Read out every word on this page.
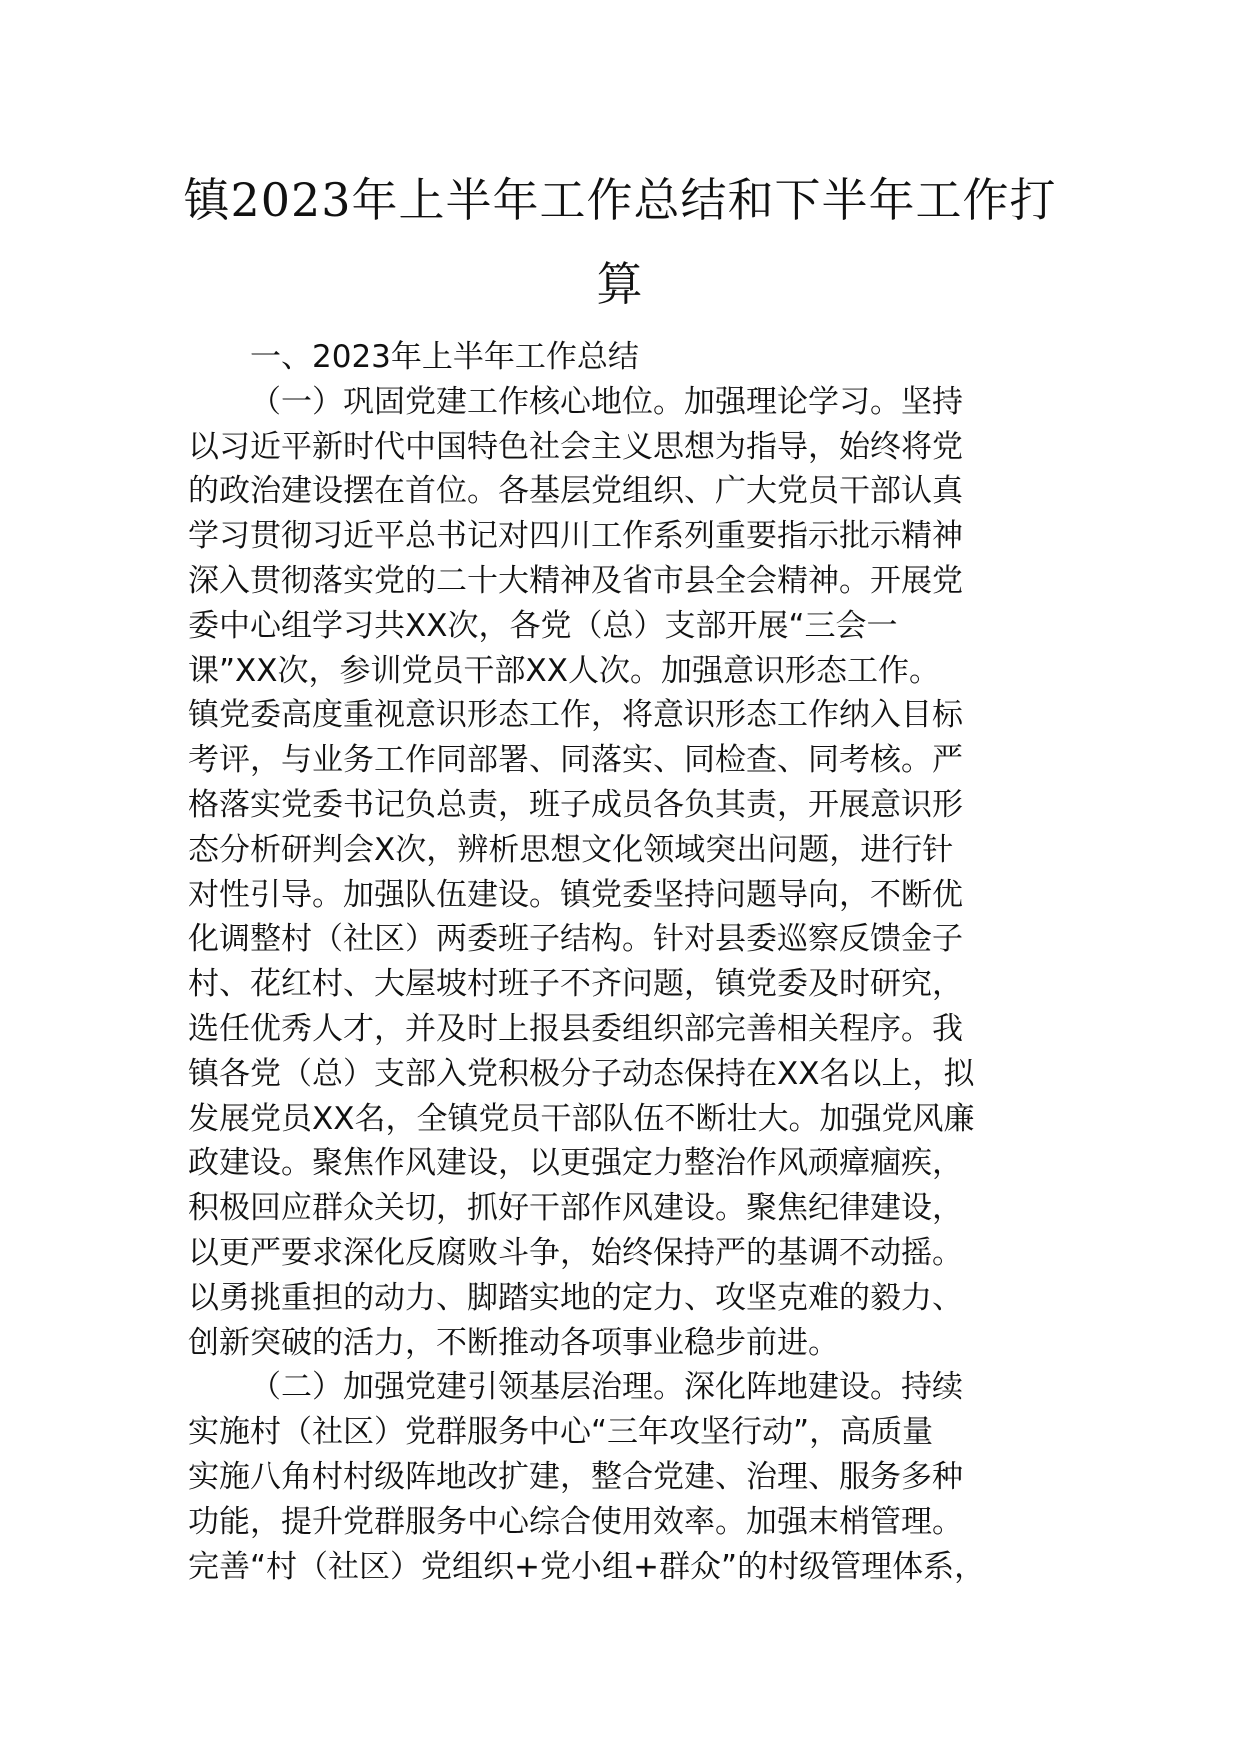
镇2023年上半年工作总结和下半年工作打
算
一、2023年上半年工作总结
（一）巩固党建工作核心地位。加强理论学习。坚持
以习近平新时代中国特色社会主义思想为指导，始终将党
的政治建设摆在首位。各基层党组织、广大党员干部认真
学习贯彻习近平总书记对四川工作系列重要指示批示精神
深入贯彻落实党的二十大精神及省市县全会精神。开展党
委中心组学习共XX次，各党（总）支部开展“三会一
课”XX次，参训党员干部XX人次。加强意识形态工作。
镇党委高度重视意识形态工作，将意识形态工作纳入目标
考评，与业务工作同部署、同落实、同检查、同考核。严
格落实党委书记负总责，班子成员各负其责，开展意识形
态分析研判会X次，辨析思想文化领域突出问题，进行针
对性引导。加强队伍建设。镇党委坚持问题导向，不断优
化调整村（社区）两委班子结构。针对县委巡察反馈金子
村、花红村、大屋坡村班子不齐问题，镇党委及时研究，
选任优秀人才，并及时上报县委组织部完善相关程序。我
镇各党（总）支部入党积极分子动态保持在XX名以上，拟
发展党员XX名，全镇党员干部队伍不断壮大。加强党风廉
政建设。聚焦作风建设，以更强定力整治作风顽瘴痼疾，
积极回应群众关切，抓好干部作风建设。聚焦纪律建设，
以更严要求深化反腐败斗争，始终保持严的基调不动摇。
以勇挑重担的动力、脚踏实地的定力、攻坚克难的毅力、
创新突破的活力，不断推动各项事业稳步前进。
（二）加强党建引领基层治理。深化阵地建设。持续
实施村（社区）党群服务中心“三年攻坚行动”，高质量
实施八角村村级阵地改扩建，整合党建、治理、服务多种
功能，提升党群服务中心综合使用效率。加强末梢管理。
完善“村（社区）党组织+党小组+群众”的村级管理体系，
